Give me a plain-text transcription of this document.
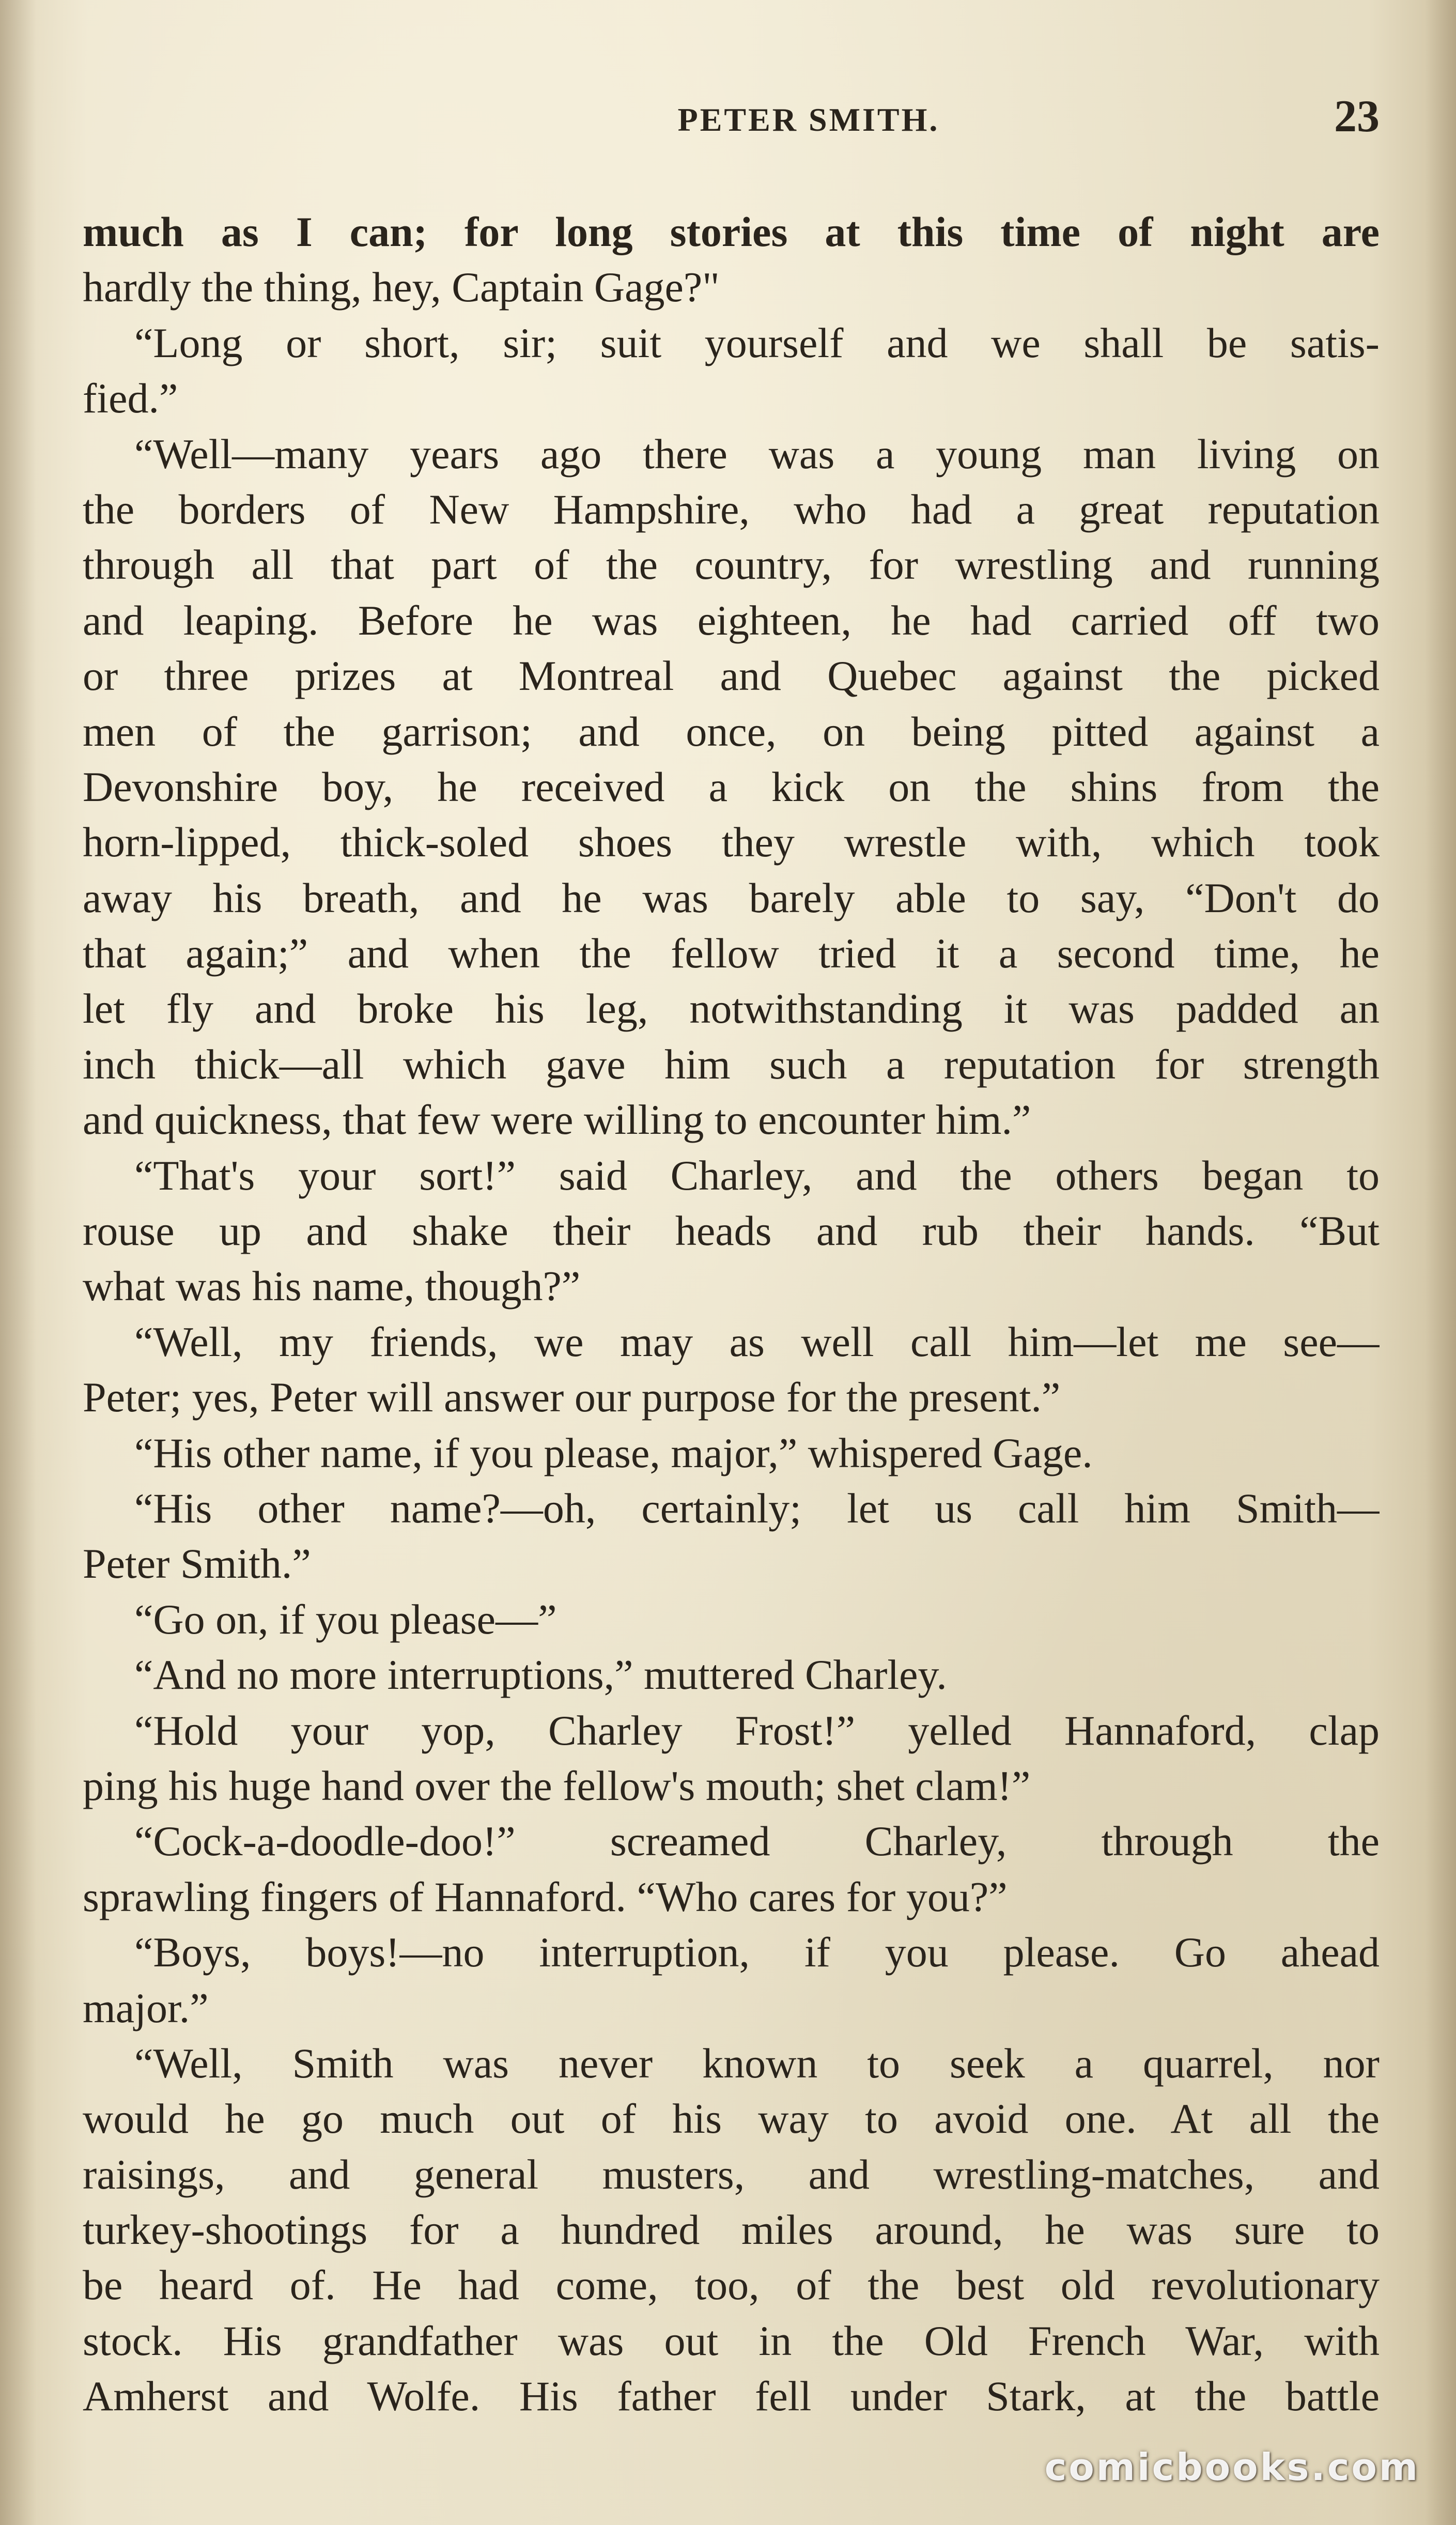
PETER SMITH.	23
much as I can; for long stories at this time of night are
hardly the thing, hey, Captain Gage?"
“Long or short, sir; suit yourself and we shall be satis-
fied.”
“Well—many years ago there was a young man living on
the borders of New Hampshire, who had a great reputation
through all that part of the country, for wrestling and running
and leaping. Before he was eighteen, he had carried off two
or three prizes at Montreal and Quebec against the picked
men of the garrison; and once, on being pitted against a
Devonshire boy, he received a kick on the shins from the
horn-lipped, thick-soled shoes they wrestle with, which took
away his breath, and he was barely able to say, “Don't do
that again;” and when the fellow tried it a second time, he
let fly and broke his leg, notwithstanding it was padded an
inch thick—all which gave him such a reputation for strength
and quickness, that few were willing to encounter him.”
“That's your sort!” said Charley, and the others began to
rouse up and shake their heads and rub their hands. “But
what was his name, though?”
“Well, my friends, we may as well call him—let me see—
Peter; yes, Peter will answer our purpose for the present.”
“His other name, if you please, major,” whispered Gage.
“His other name?—oh, certainly; let us call him Smith—
Peter Smith.”
“Go on, if you please—”
“And no more interruptions,” muttered Charley.
“Hold your yop, Charley Frost!” yelled Hannaford, clap
ping his huge hand over the fellow's mouth; shet clam!”
“Cock-a-doodle-doo!” screamed Charley, through the
sprawling fingers of Hannaford. “Who cares for you?”
“Boys, boys!—no interruption, if you please. Go ahead
major.”
“Well, Smith was never known to seek a quarrel, nor
would he go much out of his way to avoid one. At all the
raisings, and general musters, and wrestling-matches, and
turkey-shootings for a hundred miles around, he was sure to
be heard of. He had come, too, of the best old revolutionary
stock. His grandfather was out in the Old French War, with
Amherst and Wolfe. His father fell under Stark, at the battle
comicbooks.com
